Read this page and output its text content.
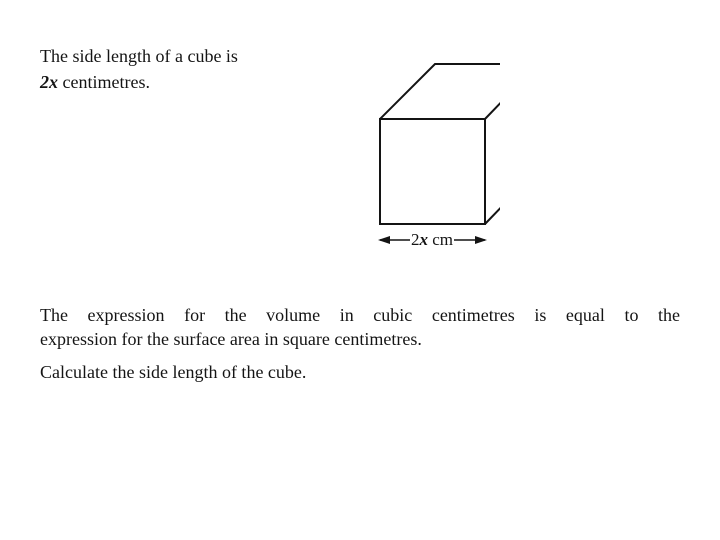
The side length of a cube is
2x centimetres.
2x cm
The expression for the volume in cubic centimetres is equal to the
expression for the surface area in square centimetres.
Calculate the side length of the cube.
